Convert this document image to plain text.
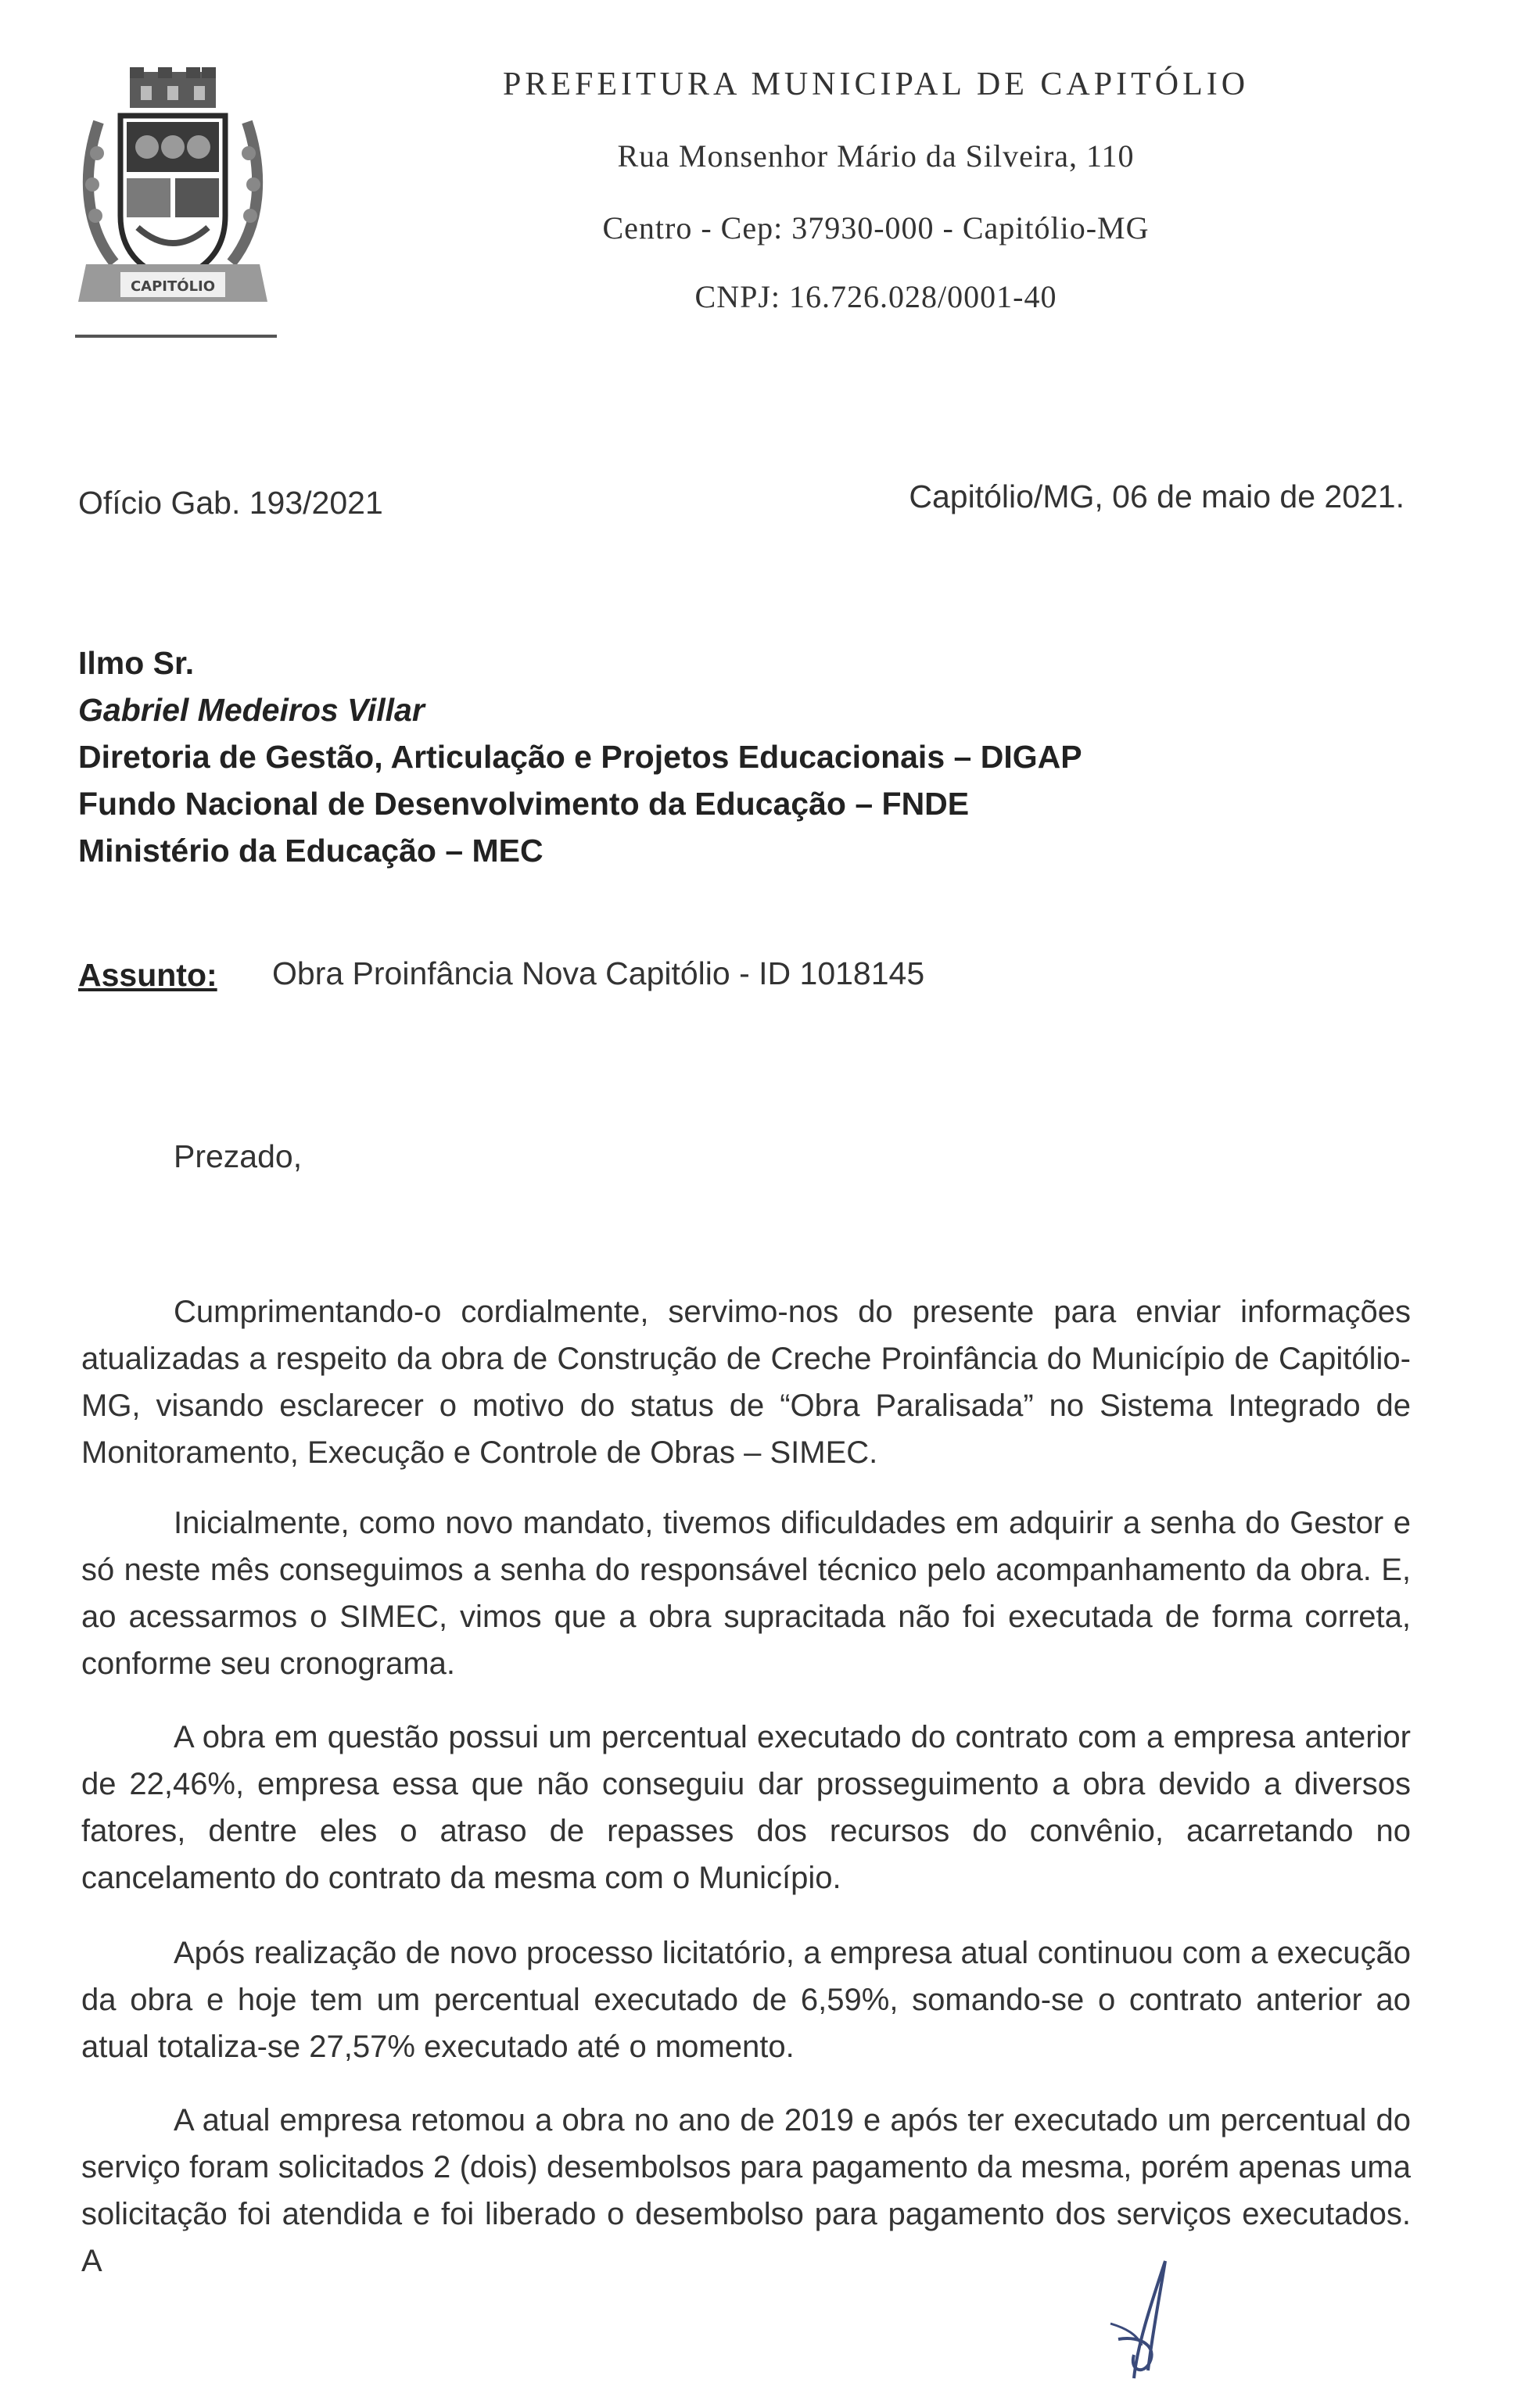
CAPITÓLIO
PREFEITURA MUNICIPAL DE CAPITÓLIO
Rua Monsenhor Mário da Silveira, 110
Centro - Cep: 37930-000 - Capitólio-MG
CNPJ: 16.726.028/0001-40
Ofício Gab. 193/2021	Capitólio/MG, 06 de maio de 2021.
Ilmo Sr.
Gabriel Medeiros Villar
Diretoria de Gestão, Articulação e Projetos Educacionais – DIGAP
Fundo Nacional de Desenvolvimento da Educação – FNDE
Ministério da Educação – MEC
Assunto: Obra Proinfância Nova Capitólio - ID 1018145
Prezado,
Cumprimentando-o cordialmente, servimo-nos do presente para enviar informações atualizadas a respeito da obra de Construção de Creche Proinfância do Município de Capitólio-MG, visando esclarecer o motivo do status de “Obra Paralisada” no Sistema Integrado de Monitoramento, Execução e Controle de Obras – SIMEC.
Inicialmente, como novo mandato, tivemos dificuldades em adquirir a senha do Gestor e só neste mês conseguimos a senha do responsável técnico pelo acompanhamento da obra. E, ao acessarmos o SIMEC, vimos que a obra supracitada não foi executada de forma correta, conforme seu cronograma.
A obra em questão possui um percentual executado do contrato com a empresa anterior de 22,46%, empresa essa que não conseguiu dar prosseguimento a obra devido a diversos fatores, dentre eles o atraso de repasses dos recursos do convênio, acarretando no cancelamento do contrato da mesma com o Município.
Após realização de novo processo licitatório, a empresa atual continuou com a execução da obra e hoje tem um percentual executado de 6,59%, somando-se o contrato anterior ao atual totaliza-se 27,57% executado até o momento.
A atual empresa retomou a obra no ano de 2019 e após ter executado um percentual do serviço foram solicitados 2 (dois) desembolsos para pagamento da mesma, porém apenas uma solicitação foi atendida e foi liberado o desembolso para pagamento dos serviços executados. A
